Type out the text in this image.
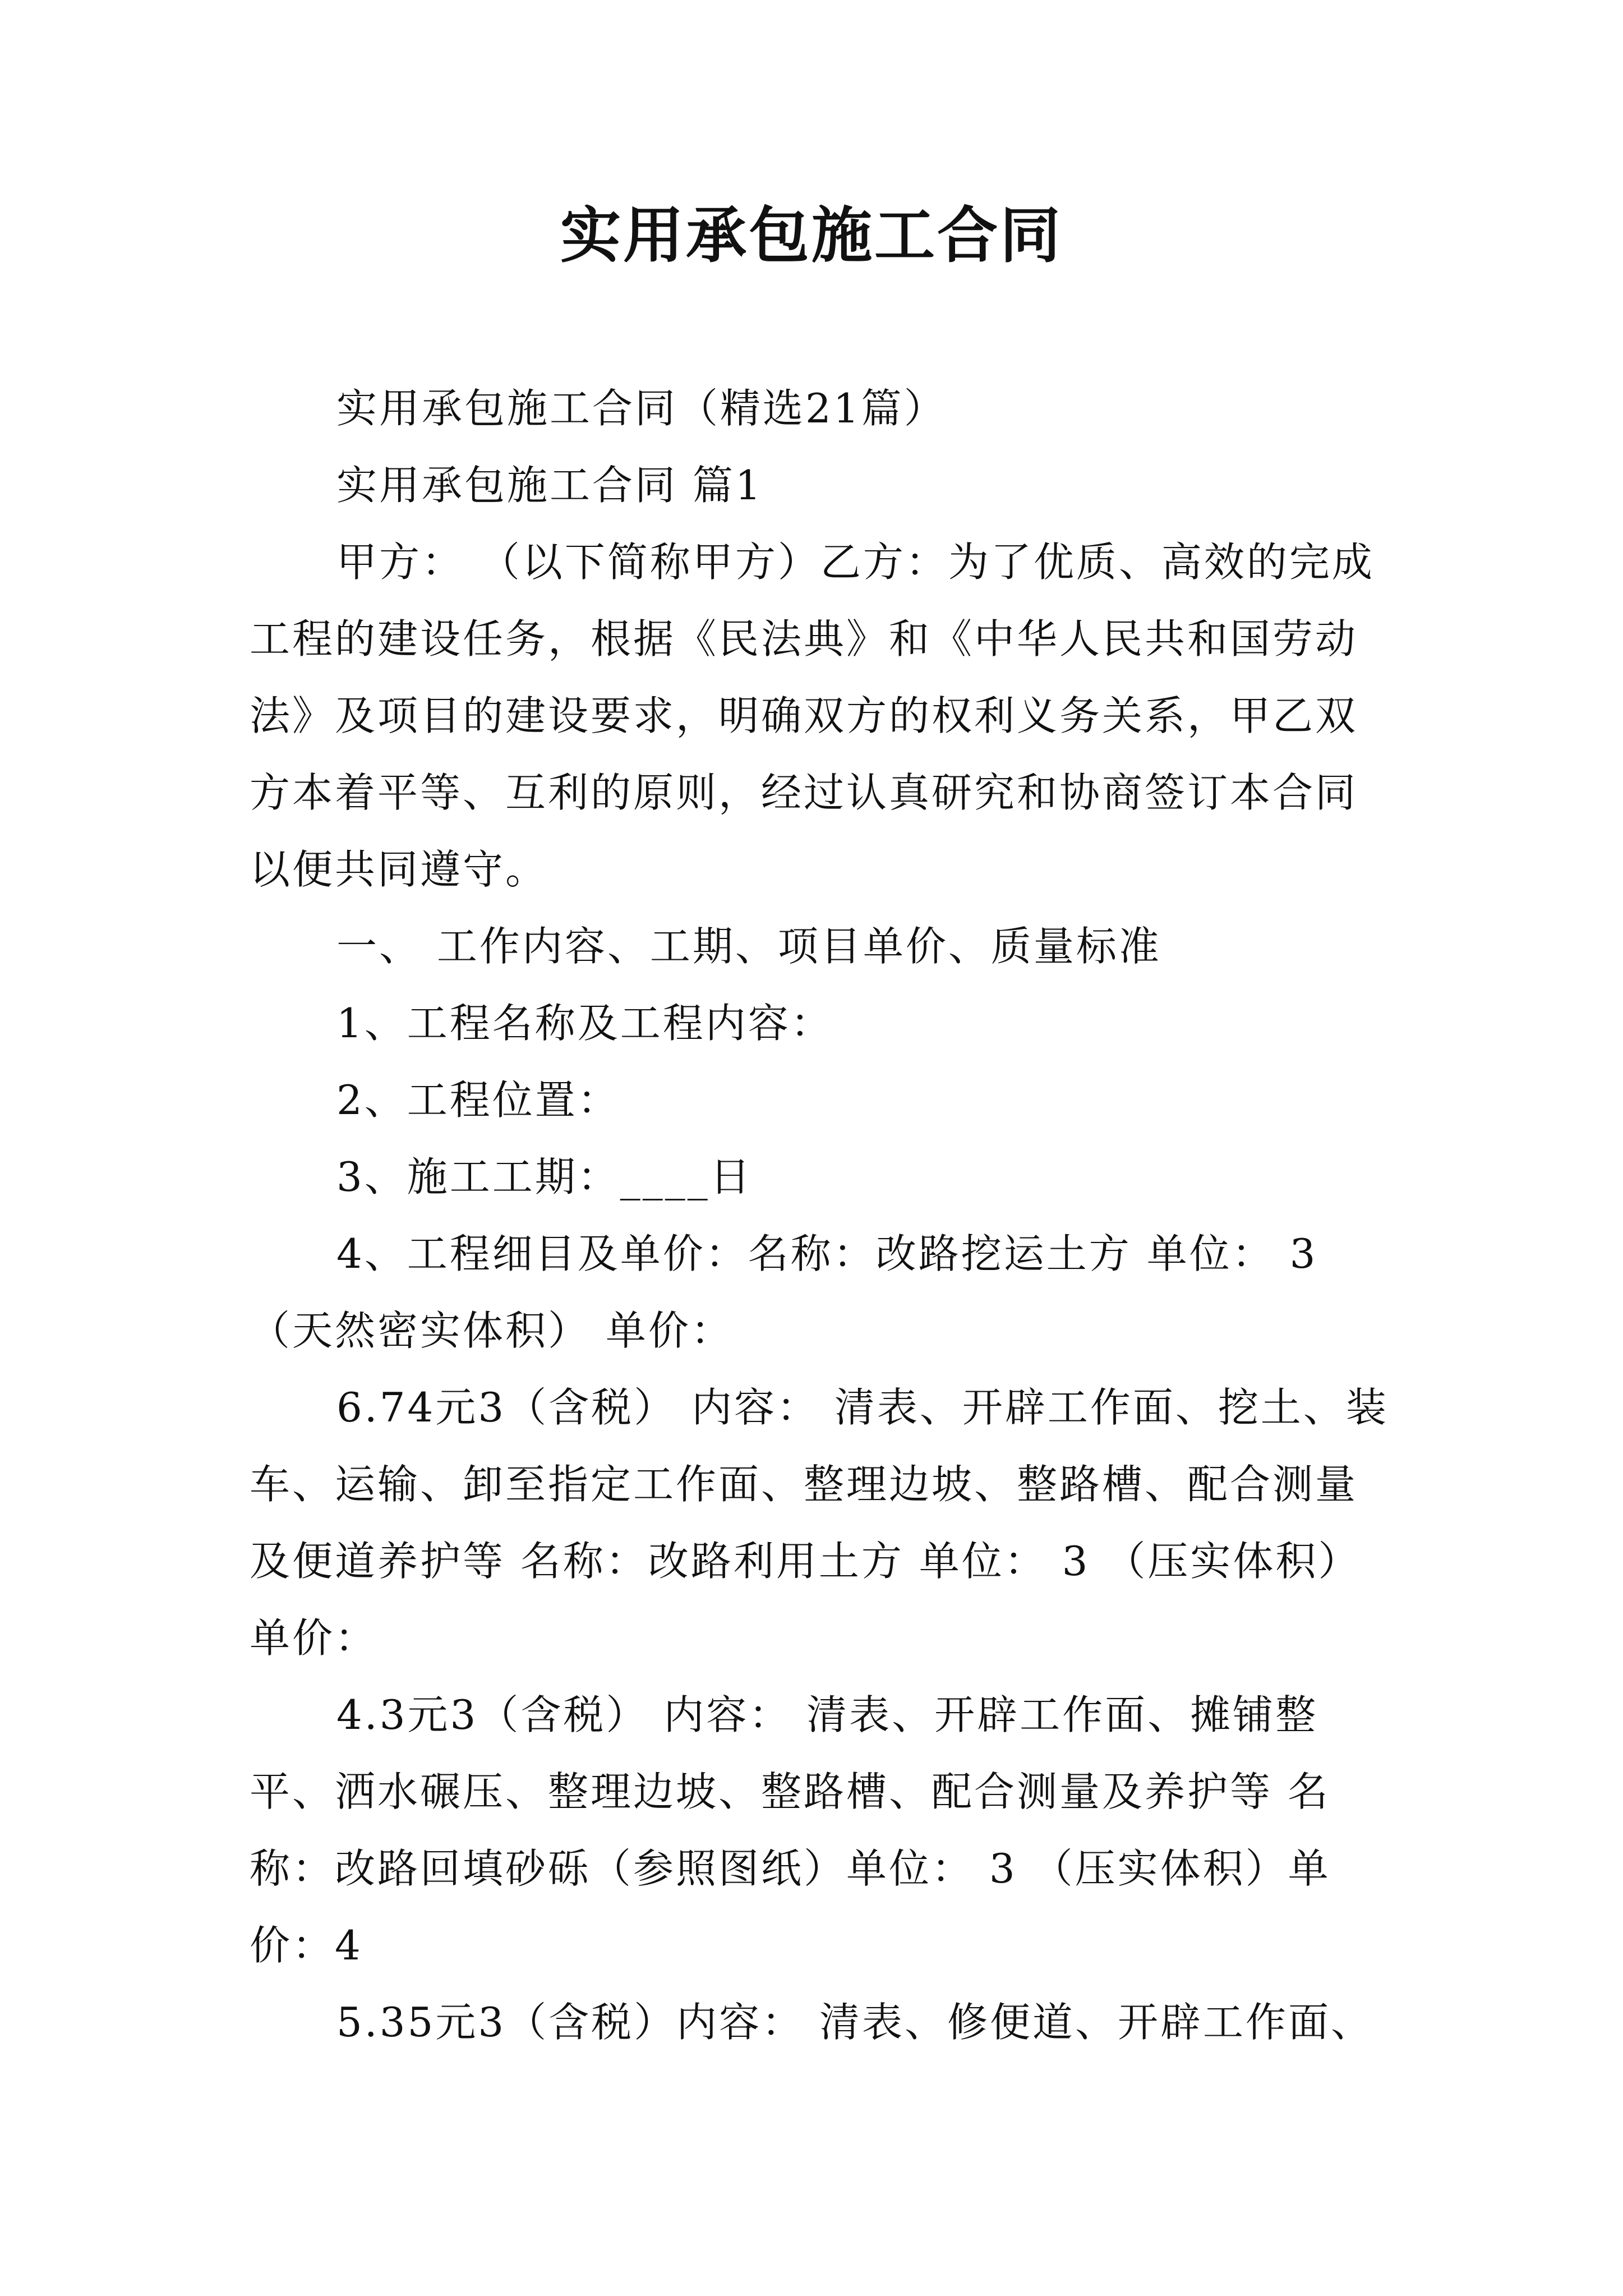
实用承包施工合同

实用承包施工合同（精选21篇）

实用承包施工合同 篇1

甲方： （以下简称甲方）乙方：为了优质、高效的完成 工程的建设任务，根据《民法典》和《中华人民共和国劳动法》及项目的建设要求，明确双方的权利义务关系，甲乙双方本着平等、互利的原则，经过认真研究和协商签订本合同以便共同遵守。

一、 工作内容、工期、项目单价、质量标准

1、工程名称及工程内容：

2、工程位置：

3、施工工期：____日

4、工程细目及单价：名称：改路挖运土方 单位： 3（天然密实体积） 单价：

6.74元3（含税） 内容： 清表、开辟工作面、挖土、装车、运输、卸至指定工作面、整理边坡、整路槽、配合测量及便道养护等 名称：改路利用土方 单位： 3 （压实体积） 单价：

4.3元3（含税） 内容： 清表、开辟工作面、摊铺整平、洒水碾压、整理边坡、整路槽、配合测量及养护等 名称：改路回填砂砾（参照图纸）单位： 3 （压实体积）单价：4

5.35元3（含税）内容： 清表、修便道、开辟工作面、
